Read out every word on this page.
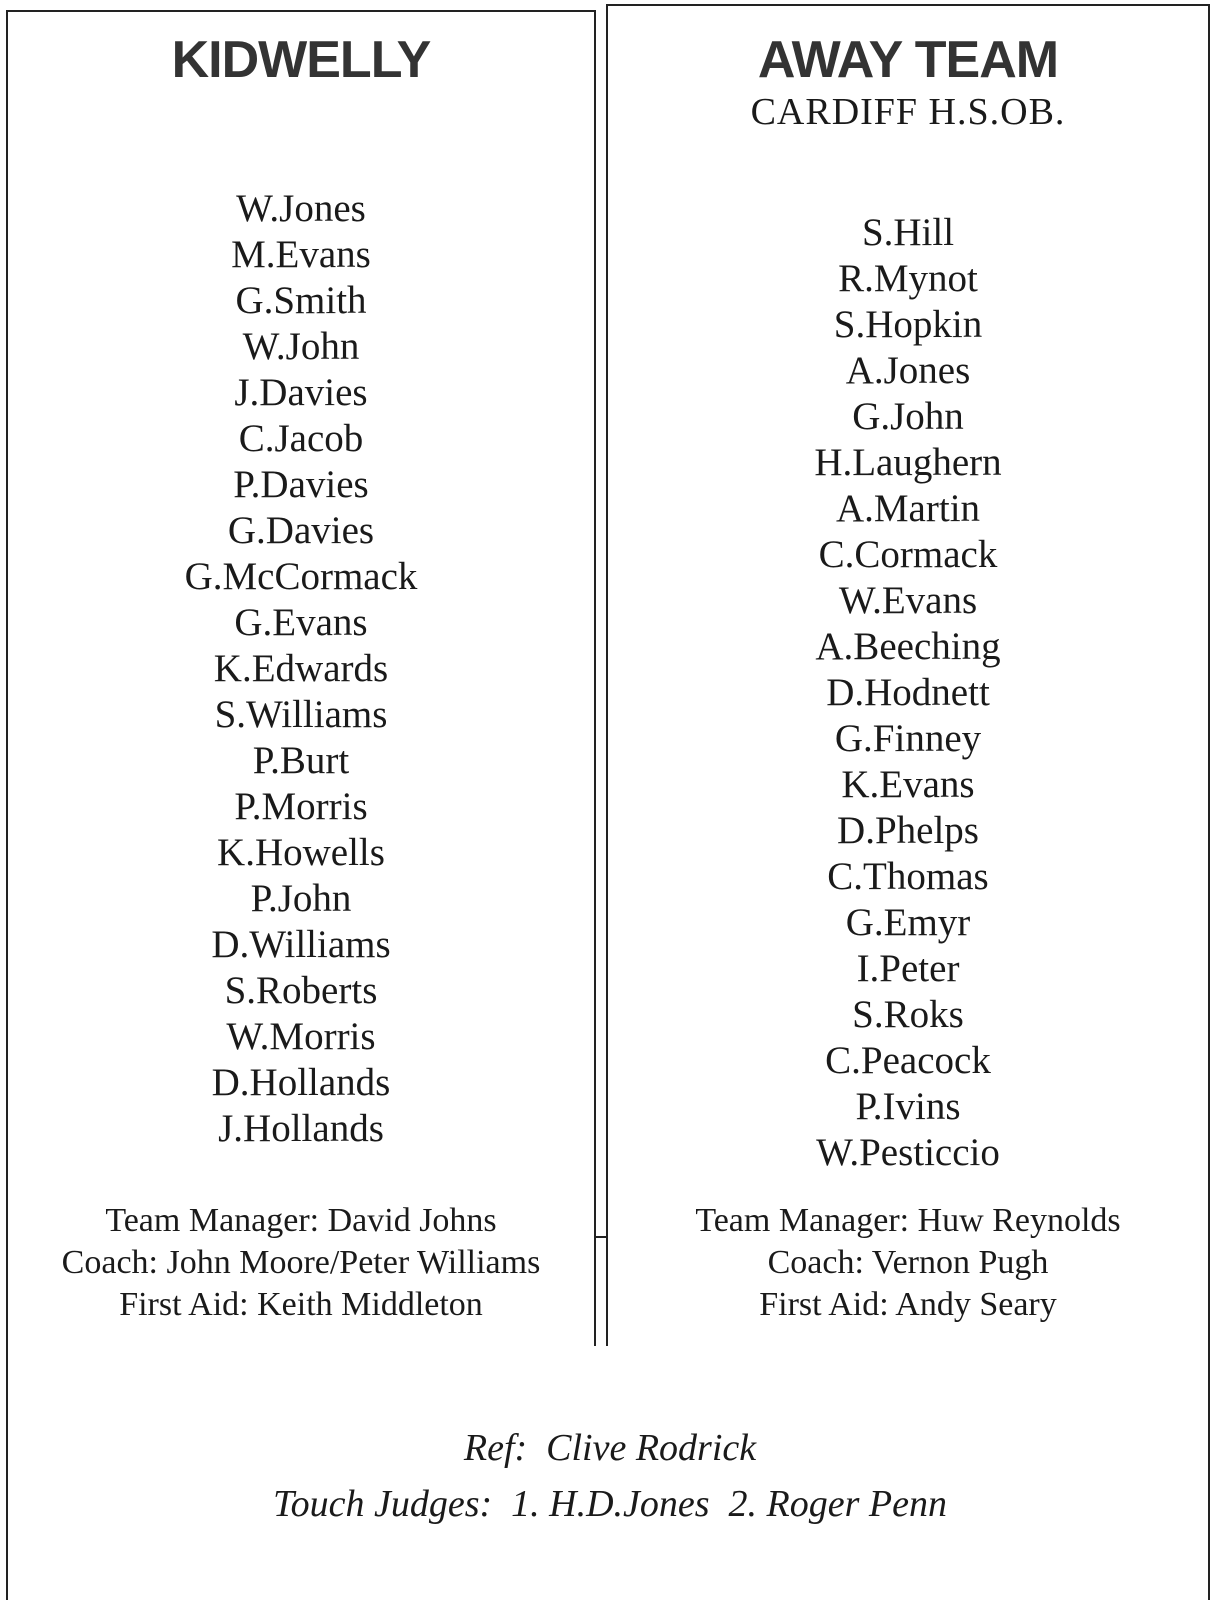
KIDWELLY
W.Jones
M.Evans
G.Smith
W.John
J.Davies
C.Jacob
P.Davies
G.Davies
G.McCormack
G.Evans
K.Edwards
S.Williams
P.Burt
P.Morris
K.Howells
P.John
D.Williams
S.Roberts
W.Morris
D.Hollands
J.Hollands
AWAY TEAM

CARDIFF H.S.OB.

S.Hill
R.Mynot
S.Hopkin
A.Jones
G.John
H.Laughern
A.Martin
C.Cormack
W.Evans
A.Beeching
D.Hodnett
G.Finney
K.Evans
D.Phelps
C.Thomas
G.Emyr
I.Peter
S.Roks
C.Peacock
P.Ivins
W.Pesticcio
Team Manager: David Johns
Coach: John Moore/Peter Williams
First Aid: Keith Middleton
Team Manager: Huw Reynolds
Coach: Vernon Pugh
First Aid: Andy Seary
Ref:  Clive Rodrick
Touch Judges:  1. H.D.Jones  2. Roger Penn
